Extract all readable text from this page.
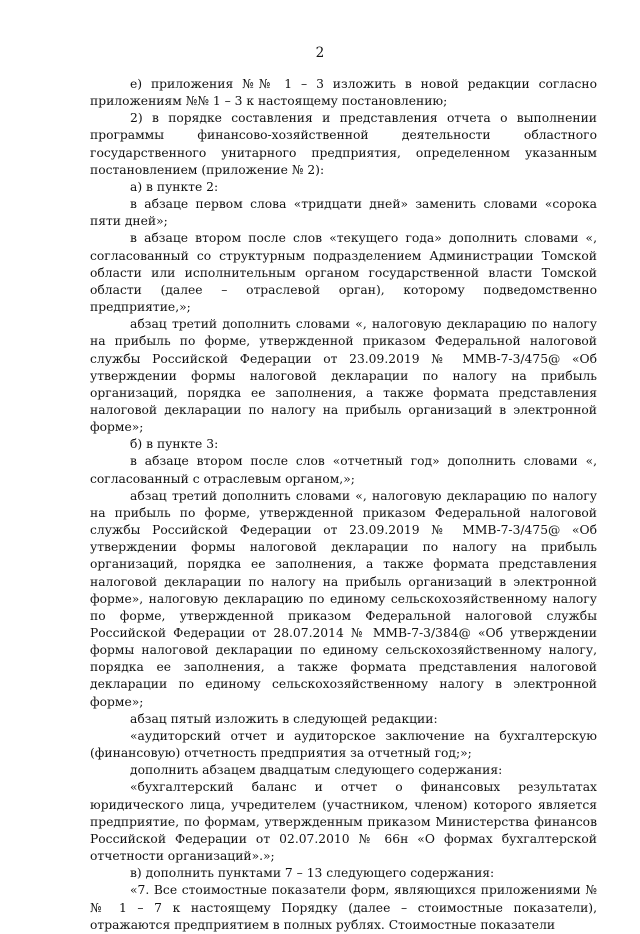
2

е) приложения №№ 1 – 3 изложить в новой редакции согласно приложениям №№ 1 – 3 к настоящему постановлению;

2) в порядке составления и представления отчета о выполнении программы финансово-хозяйственной деятельности областного государственного унитарного предприятия, определенном указанным постановлением (приложение № 2):

а) в пункте 2:

в абзаце первом слова «тридцати дней» заменить словами «сорока пяти дней»;

в абзаце втором после слов «текущего года» дополнить словами «, согласованный со структурным подразделением Администрации Томской области или исполнительным органом государственной власти Томской области (далее – отраслевой орган), которому подведомственно предприятие,»;

абзац третий дополнить словами «, налоговую декларацию по налогу на прибыль по форме, утвержденной приказом Федеральной налоговой службы Российской Федерации от 23.09.2019 № ММВ-7-3/475@ «Об утверждении формы налоговой декларации по налогу на прибыль организаций, порядка ее заполнения, а также формата представления налоговой декларации по налогу на прибыль организаций в электронной форме»;

б) в пункте 3:

в абзаце втором после слов «отчетный год» дополнить словами «, согласованный с отраслевым органом,»;

абзац третий дополнить словами «, налоговую декларацию по налогу на прибыль по форме, утвержденной приказом Федеральной налоговой службы Российской Федерации от 23.09.2019 № ММВ-7-3/475@ «Об утверждении формы налоговой декларации по налогу на прибыль организаций, порядка ее заполнения, а также формата представления налоговой декларации по налогу на прибыль организаций в электронной форме», налоговую декларацию по единому сельскохозяйственному налогу по форме, утвержденной приказом Федеральной налоговой службы Российской Федерации от 28.07.2014 № ММВ-7-3/384@ «Об утверждении формы налоговой декларации по единому сельскохозяйственному налогу, порядка ее заполнения, а также формата представления налоговой декларации по единому сельскохозяйственному налогу в электронной форме»;

абзац пятый изложить в следующей редакции:

«аудиторский отчет и аудиторское заключение на бухгалтерскую (финансовую) отчетность предприятия за отчетный год;»;

дополнить абзацем двадцатым следующего содержания:

«бухгалтерский баланс и отчет о финансовых результатах юридического лица, учредителем (участником, членом) которого является предприятие, по формам, утвержденным приказом Министерства финансов Российской Федерации от 02.07.2010 № 66н «О формах бухгалтерской отчетности организаций».»;

в) дополнить пунктами 7 – 13 следующего содержания:

«7. Все стоимостные показатели форм, являющихся приложениями №№ 1 – 7 к настоящему Порядку (далее – стоимостные показатели), отражаются предприятием в полных рублях. Стоимостные показатели
